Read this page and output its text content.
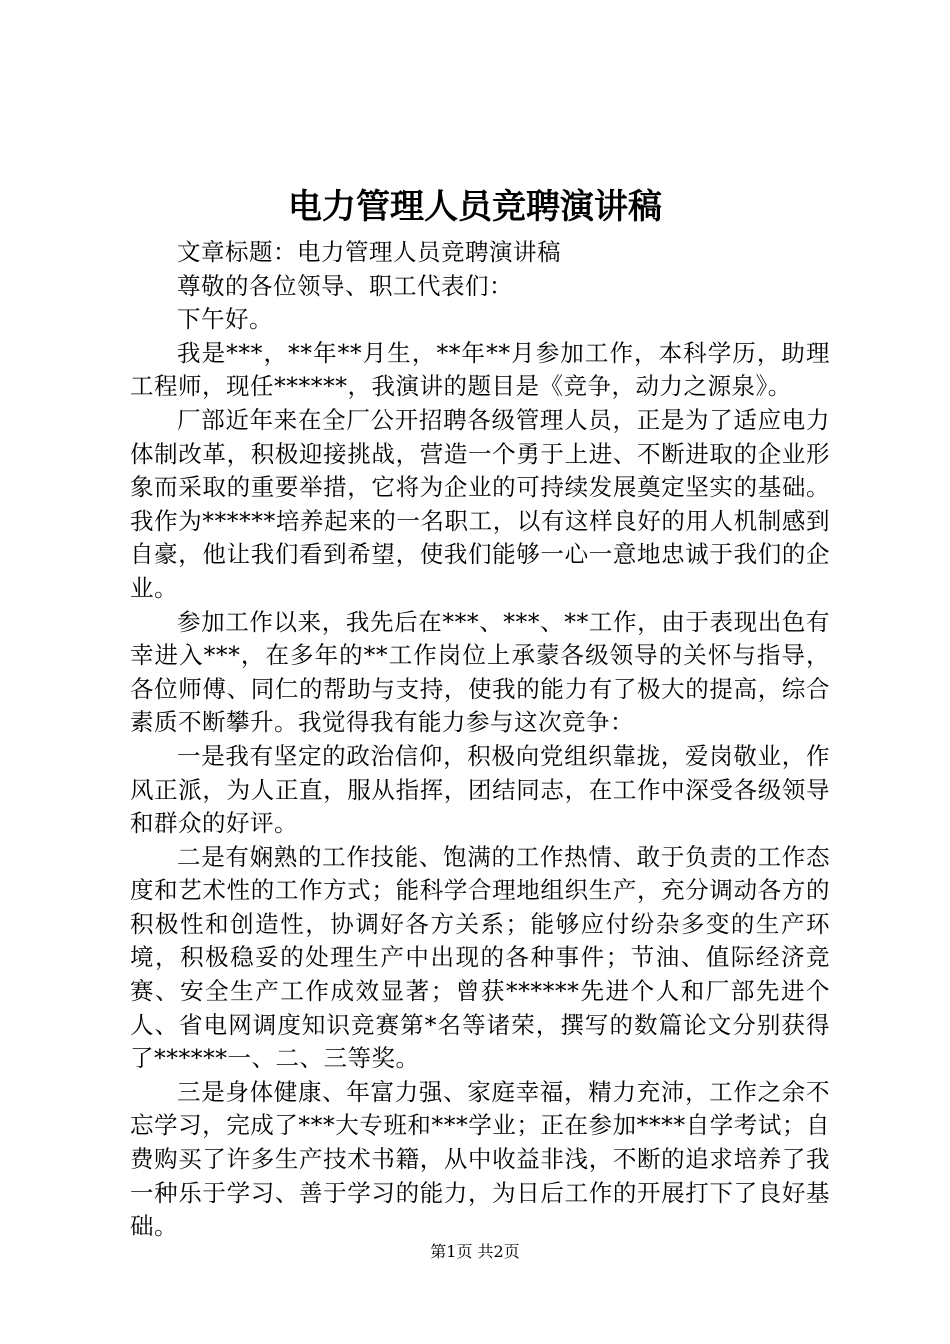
电力管理人员竞聘演讲稿

文章标题：电力管理人员竞聘演讲稿

尊敬的各位领导、职工代表们：

下午好。

我是***，**年**月生，**年**月参加工作，本科学历，助理工程师，现任******，我演讲的题目是《竞争，动力之源泉》。

厂部近年来在全厂公开招聘各级管理人员，正是为了适应电力体制改革，积极迎接挑战，营造一个勇于上进、不断进取的企业形象而采取的重要举措，它将为企业的可持续发展奠定坚实的基础。我作为******培养起来的一名职工，以有这样良好的用人机制感到自豪，他让我们看到希望，使我们能够一心一意地忠诚于我们的企业。

参加工作以来，我先后在***、***、**工作，由于表现出色有幸进入***，在多年的**工作岗位上承蒙各级领导的关怀与指导，各位师傅、同仁的帮助与支持，使我的能力有了极大的提高，综合素质不断攀升。我觉得我有能力参与这次竞争：

一是我有坚定的政治信仰，积极向党组织靠拢，爱岗敬业，作风正派，为人正直，服从指挥，团结同志，在工作中深受各级领导和群众的好评。

二是有娴熟的工作技能、饱满的工作热情、敢于负责的工作态度和艺术性的工作方式；能科学合理地组织生产，充分调动各方的积极性和创造性，协调好各方关系；能够应付纷杂多变的生产环境，积极稳妥的处理生产中出现的各种事件；节油、值际经济竞赛、安全生产工作成效显著；曾获******先进个人和厂部先进个人、省电网调度知识竞赛第*名等诸荣，撰写的数篇论文分别获得了******一、二、三等奖。

三是身体健康、年富力强、家庭幸福，精力充沛，工作之余不忘学习，完成了***大专班和***学业；正在参加****自学考试；自费购买了许多生产技术书籍，从中收益非浅，不断的追求培养了我一种乐于学习、善于学习的能力，为日后工作的开展打下了良好基础。

第1页 共2页
